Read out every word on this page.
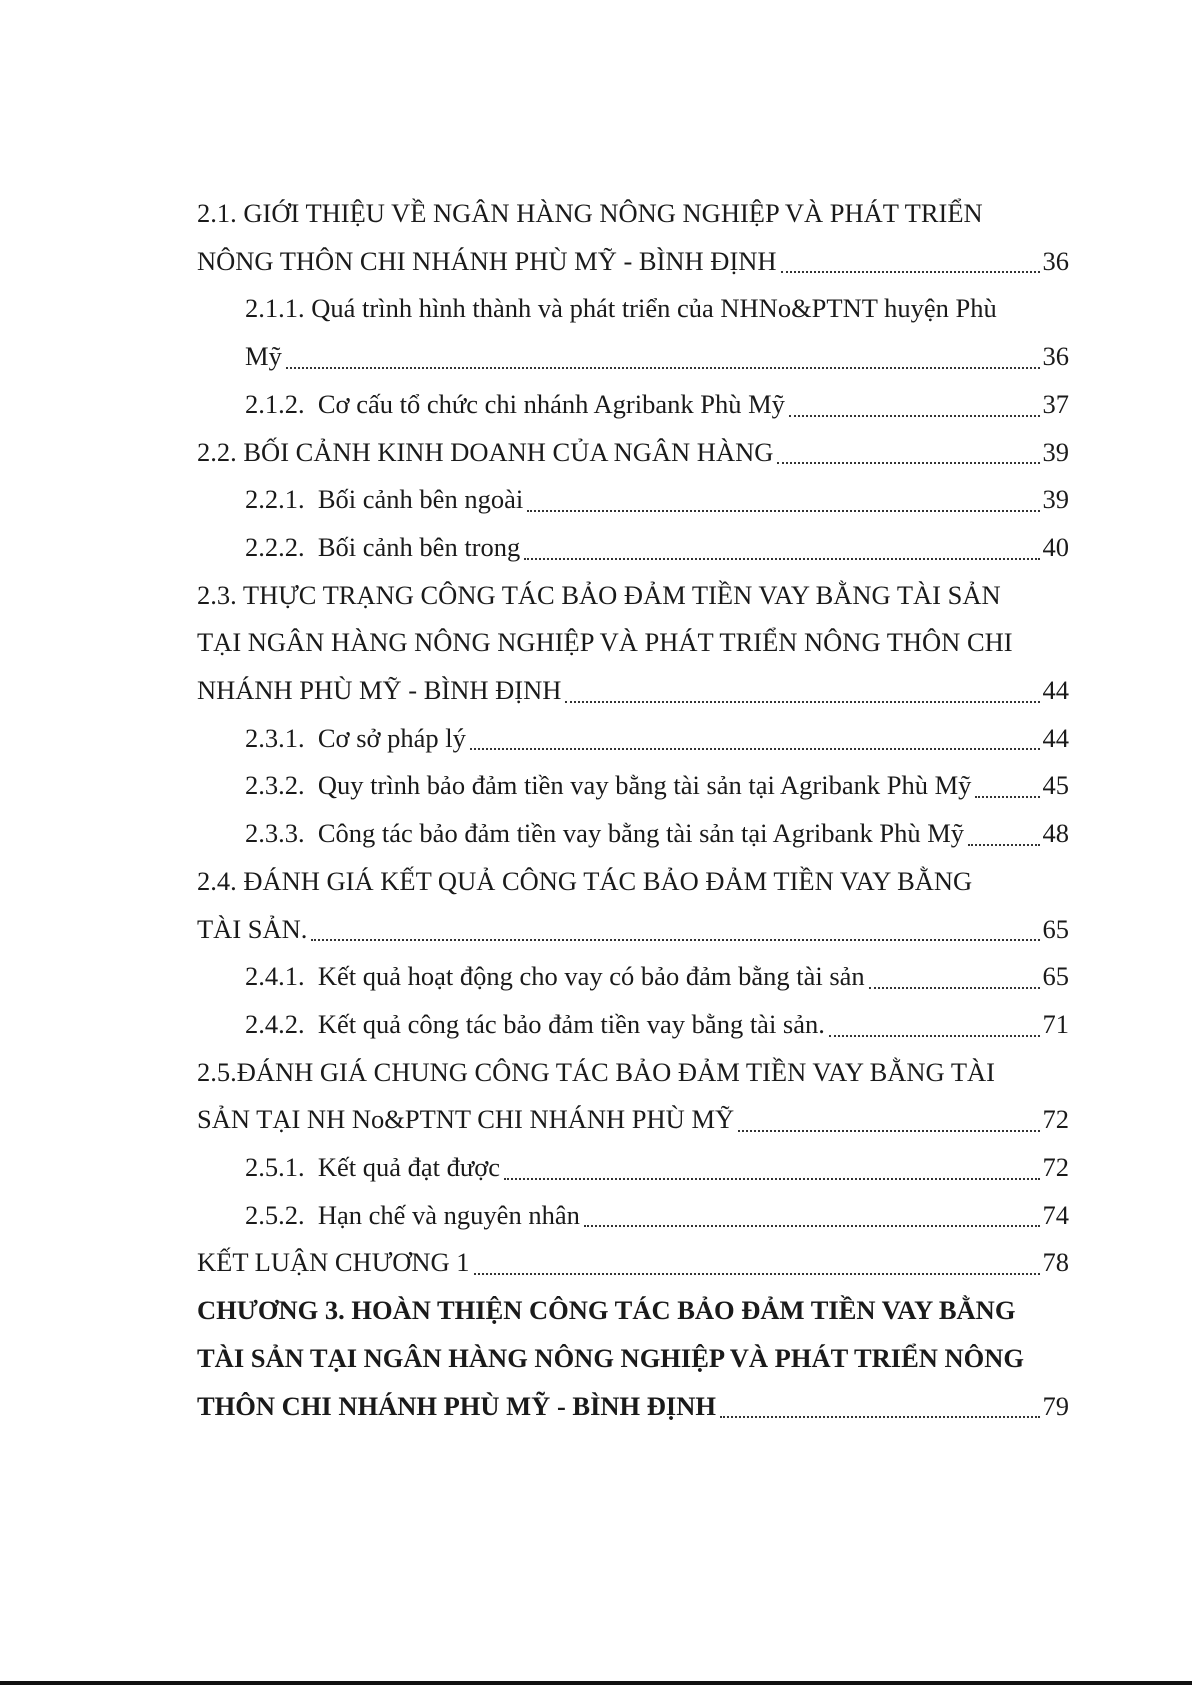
2.1. GIỚI THIỆU VỀ NGÂN HÀNG NÔNG NGHIỆP VÀ PHÁT TRIỂN
NÔNG THÔN CHI NHÁNH PHÙ MỸ - BÌNH ĐỊNH	36
2.1.1. Quá trình hình thành và phát triển của NHNo&PTNT huyện Phù
Mỹ	36
2.1.2. Cơ cấu tổ chức chi nhánh Agribank Phù Mỹ	37
2.2. BỐI CẢNH KINH DOANH CỦA NGÂN HÀNG	39
2.2.1. Bối cảnh bên ngoài	39
2.2.2. Bối cảnh bên trong	40
2.3. THỰC TRẠNG CÔNG TÁC BẢO ĐẢM TIỀN VAY BẰNG TÀI SẢN
TẠI NGÂN HÀNG NÔNG NGHIỆP VÀ PHÁT TRIỂN NÔNG THÔN CHI
NHÁNH PHÙ MỸ - BÌNH ĐỊNH	44
2.3.1. Cơ sở pháp lý	44
2.3.2. Quy trình bảo đảm tiền vay bằng tài sản tại Agribank Phù Mỹ	45
2.3.3. Công tác bảo đảm tiền vay bằng tài sản tại Agribank Phù Mỹ	48
2.4. ĐÁNH GIÁ KẾT QUẢ CÔNG TÁC BẢO ĐẢM TIỀN VAY BẰNG
TÀI SẢN.	65
2.4.1. Kết quả hoạt động cho vay có bảo đảm bằng tài sản	65
2.4.2. Kết quả công tác bảo đảm tiền vay bằng tài sản.	71
2.5.ĐÁNH GIÁ CHUNG CÔNG TÁC BẢO ĐẢM TIỀN VAY BẰNG TÀI
SẢN TẠI NH No&PTNT CHI NHÁNH PHÙ MỸ	72
2.5.1. Kết quả đạt được	72
2.5.2. Hạn chế và nguyên nhân	74
KẾT LUẬN CHƯƠNG 1	78
CHƯƠNG 3. HOÀN THIỆN CÔNG TÁC BẢO ĐẢM TIỀN VAY BẰNG
TÀI SẢN TẠI NGÂN HÀNG NÔNG NGHIỆP VÀ PHÁT TRIỂN NÔNG
THÔN CHI NHÁNH PHÙ MỸ - BÌNH ĐỊNH	79
